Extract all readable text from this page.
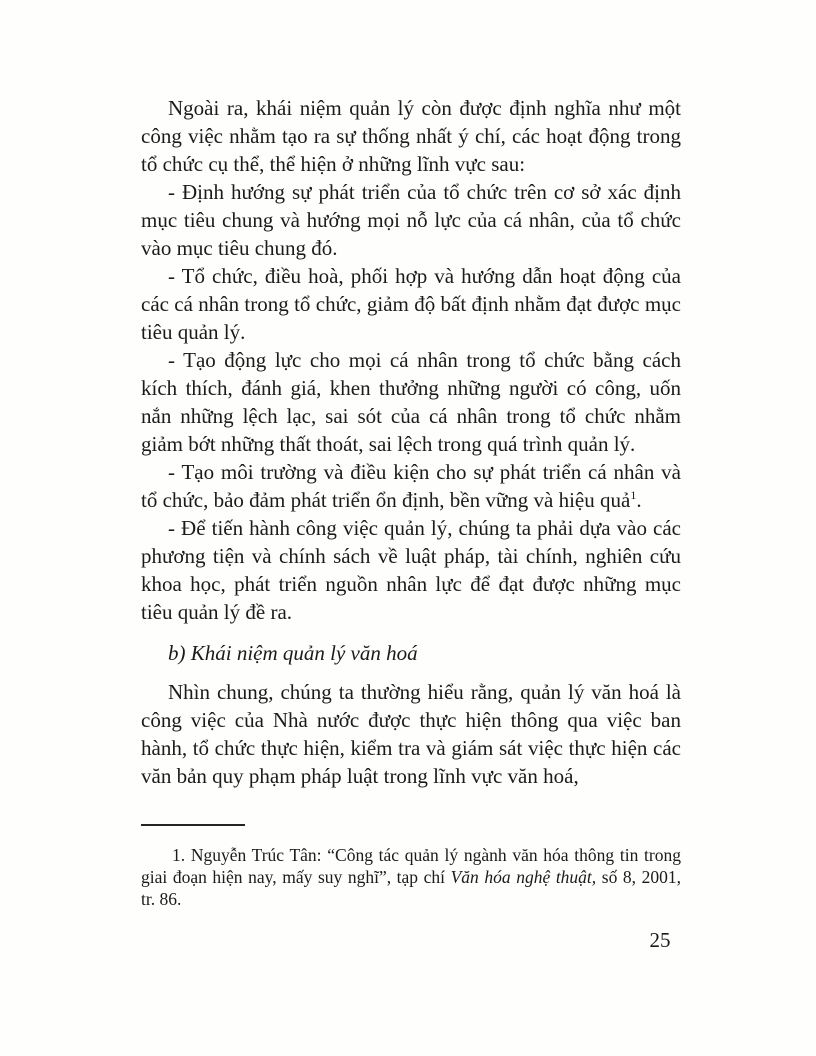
Ngoài ra, khái niệm quản lý còn được định nghĩa như một công việc nhằm tạo ra sự thống nhất ý chí, các hoạt động trong tổ chức cụ thể, thể hiện ở những lĩnh vực sau:

- Định hướng sự phát triển của tổ chức trên cơ sở xác định mục tiêu chung và hướng mọi nỗ lực của cá nhân, của tổ chức vào mục tiêu chung đó.

- Tổ chức, điều hoà, phối hợp và hướng dẫn hoạt động của các cá nhân trong tổ chức, giảm độ bất định nhằm đạt được mục tiêu quản lý.

- Tạo động lực cho mọi cá nhân trong tổ chức bằng cách kích thích, đánh giá, khen thưởng những người có công, uốn nắn những lệch lạc, sai sót của cá nhân trong tổ chức nhằm giảm bớt những thất thoát, sai lệch trong quá trình quản lý.

- Tạo môi trường và điều kiện cho sự phát triển cá nhân và tổ chức, bảo đảm phát triển ổn định, bền vững và hiệu quả$^1$.

- Để tiến hành công việc quản lý, chúng ta phải dựa vào các phương tiện và chính sách về luật pháp, tài chính, nghiên cứu khoa học, phát triển nguồn nhân lực để đạt được những mục tiêu quản lý đề ra.

b) Khái niệm quản lý văn hoá

Nhìn chung, chúng ta thường hiểu rằng, quản lý văn hoá là công việc của Nhà nước được thực hiện thông qua việc ban hành, tổ chức thực hiện, kiểm tra và giám sát việc thực hiện các văn bản quy phạm pháp luật trong lĩnh vực văn hoá,

1. Nguyễn Trúc Tân: “Công tác quản lý ngành văn hóa thông tin trong giai đoạn hiện nay, mấy suy nghĩ”, tạp chí Văn hóa nghệ thuật, số 8, 2001, tr. 86.

25
